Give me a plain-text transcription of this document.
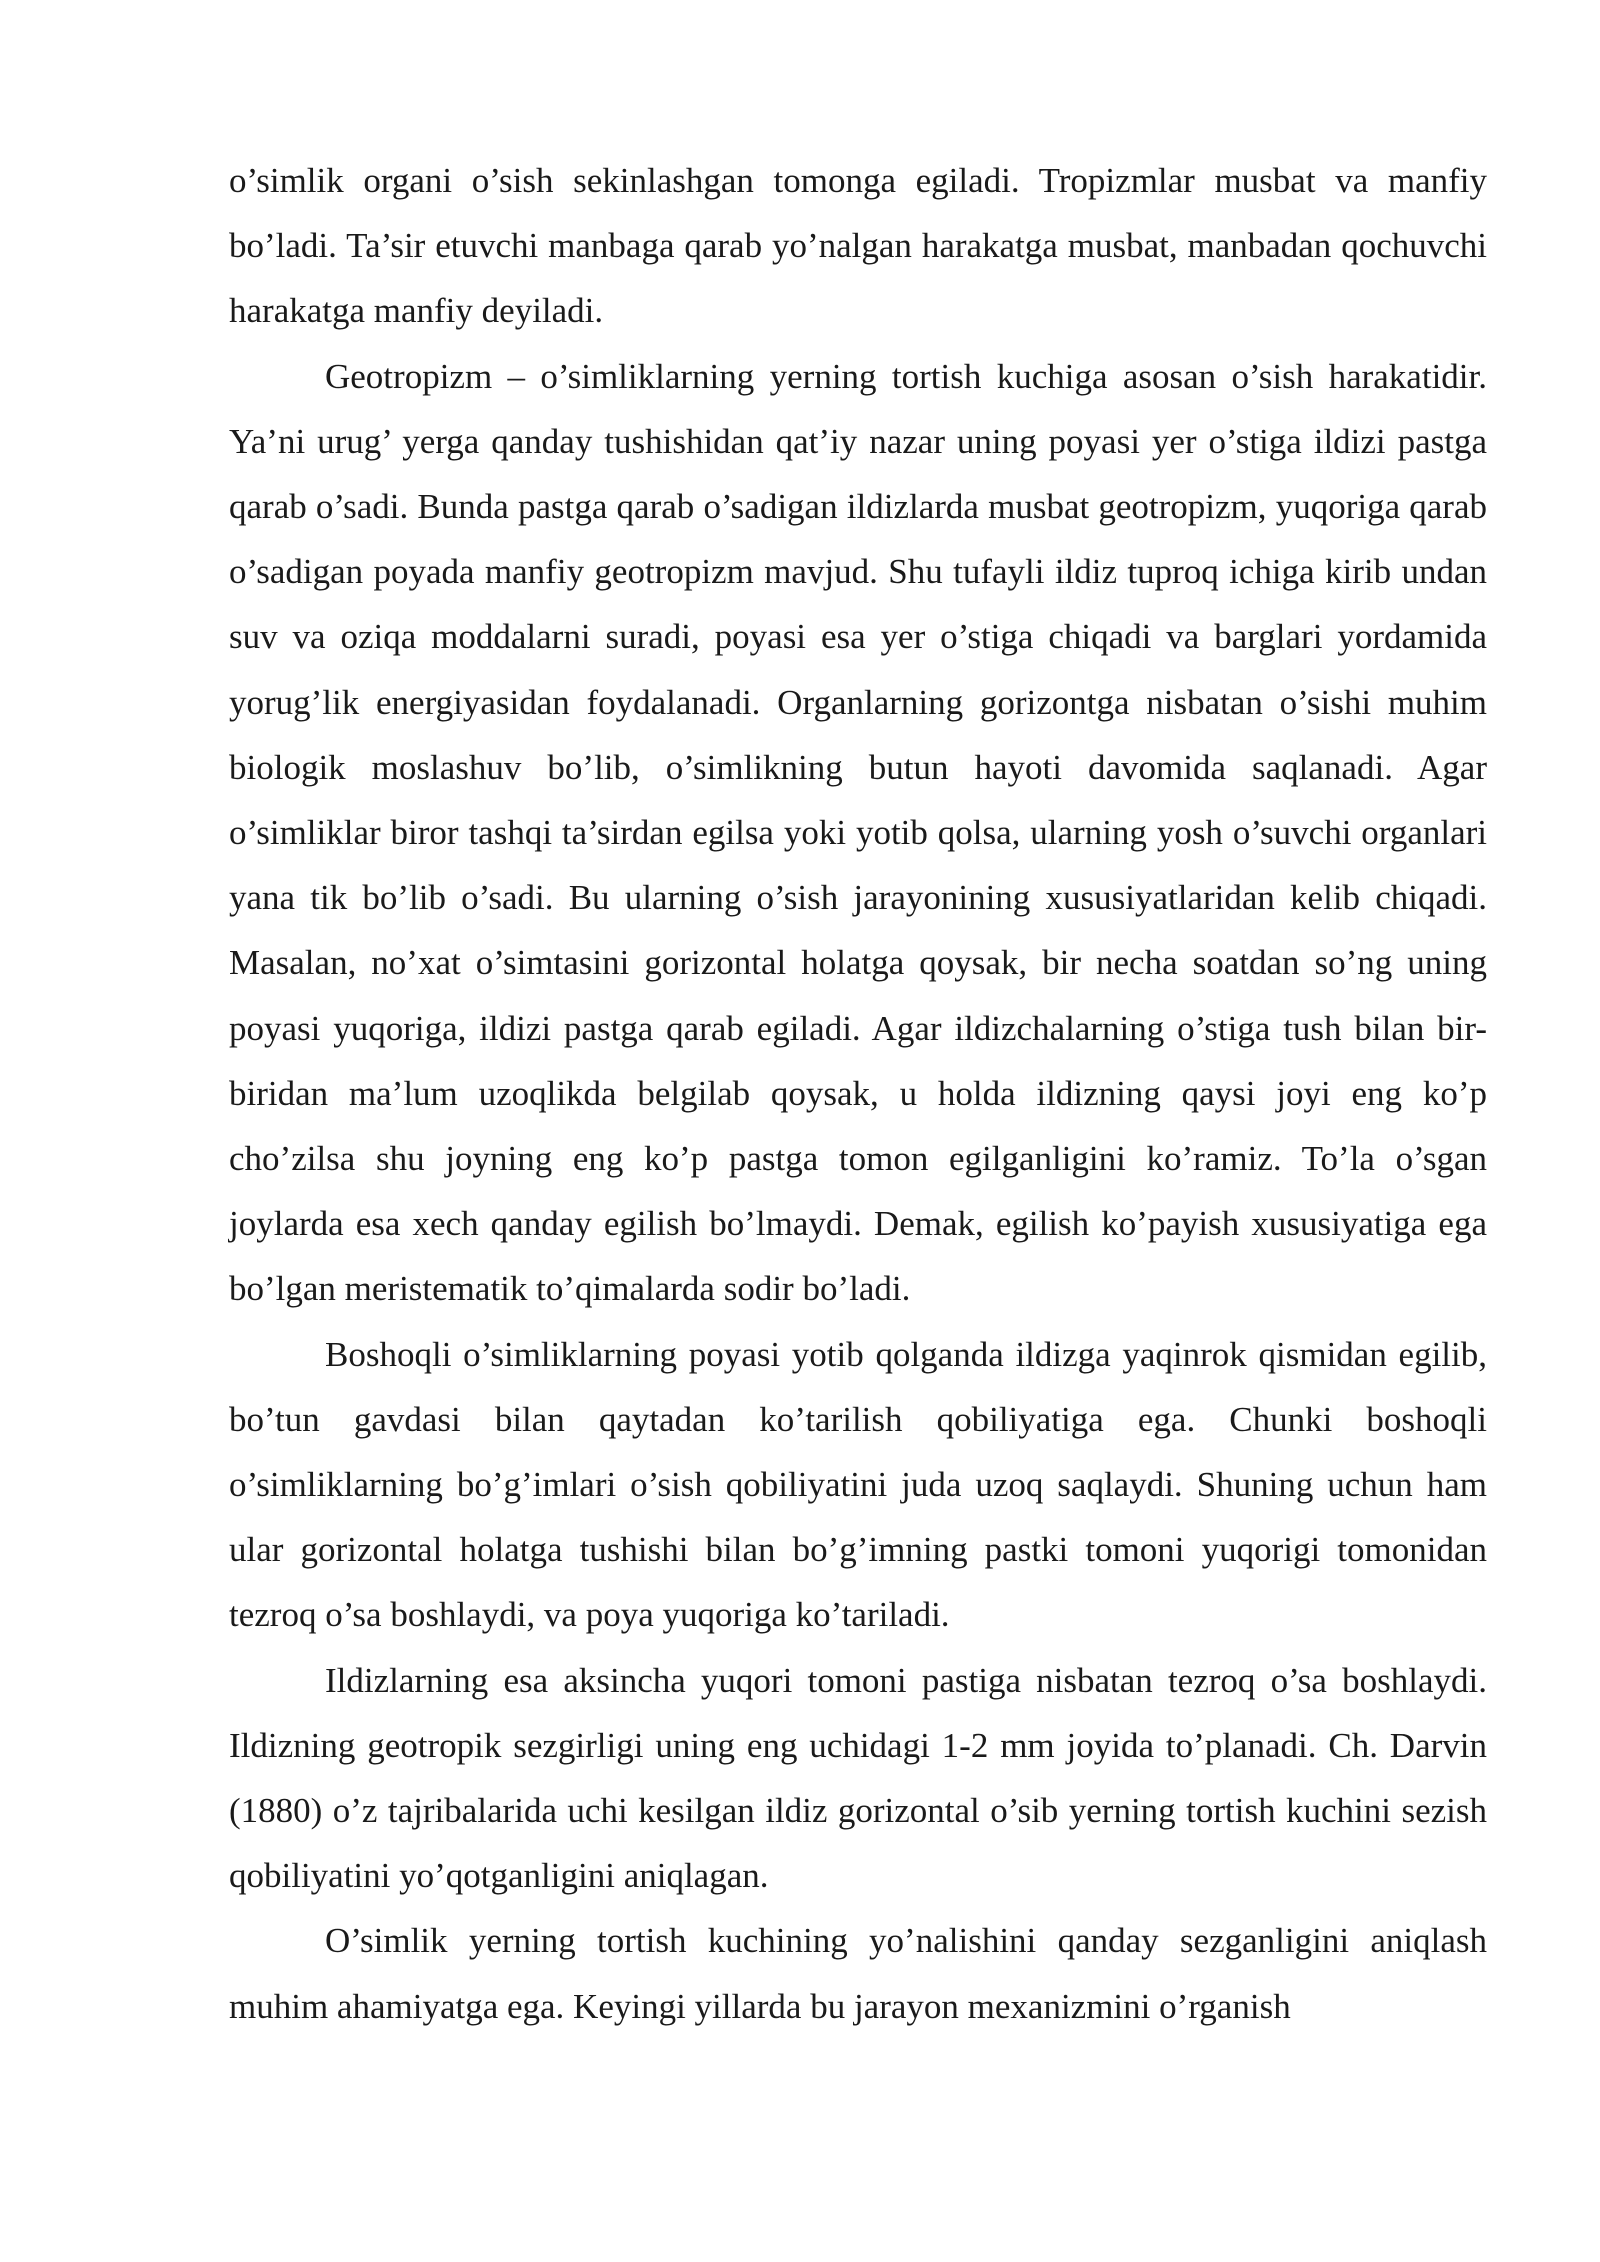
o’simlik organi o’sish sekinlashgan tomonga egiladi. Tropizmlar musbat va manfiy bo’ladi. Ta’sir etuvchi manbaga qarab yo’nalgan harakatga musbat, manbadan qochuvchi harakatga manfiy deyiladi.

Geotropizm – o’simliklarning yerning tortish kuchiga asosan o’sish harakatidir. Ya’ni urug’ yerga qanday tushishidan qat’iy nazar uning poyasi yer o’stiga ildizi pastga qarab o’sadi. Bunda pastga qarab o’sadigan ildizlarda musbat geotropizm, yuqoriga qarab o’sadigan poyada manfiy geotropizm mavjud. Shu tufayli ildiz tuproq ichiga kirib undan suv va oziqa moddalarni suradi, poyasi esa yer o’stiga chiqadi va barglari yordamida yorug’lik energiyasidan foydalanadi. Organlarning gorizontga nisbatan o’sishi muhim biologik moslashuv bo’lib, o’simlikning butun hayoti davomida saqlanadi. Agar o’simliklar biror tashqi ta’sirdan egilsa yoki yotib qolsa, ularning yosh o’suvchi organlari yana tik bo’lib o’sadi. Bu ularning o’sish jarayonining xususiyatlaridan kelib chiqadi. Masalan, no’xat o’simtasini gorizontal holatga qoysak, bir necha soatdan so’ng uning poyasi yuqoriga, ildizi pastga qarab egiladi. Agar ildizchalarning o’stiga tush bilan bir-biridan ma’lum uzoqlikda belgilab qoysak, u holda ildizning qaysi joyi eng ko’p cho’zilsa shu joyning eng ko’p pastga tomon egilganligini ko’ramiz. To’la o’sgan joylarda esa xech qanday egilish bo’lmaydi. Demak, egilish ko’payish xususiyatiga ega bo’lgan meristematik to’qimalarda sodir bo’ladi.

Boshoqli o’simliklarning poyasi yotib qolganda ildizga yaqinrok qismidan egilib, bo’tun gavdasi bilan qaytadan ko’tarilish qobiliyatiga ega. Chunki boshoqli o’simliklarning bo’g’imlari o’sish qobiliyatini juda uzoq saqlaydi. Shuning uchun ham ular gorizontal holatga tushishi bilan bo’g’imning pastki tomoni yuqorigi tomonidan tezroq o’sa boshlaydi, va poya yuqoriga ko’tariladi.

Ildizlarning esa aksincha yuqori tomoni pastiga nisbatan tezroq o’sa boshlaydi. Ildizning geotropik sezgirligi uning eng uchidagi 1-2 mm joyida to’planadi. Ch. Darvin (1880) o’z tajribalarida uchi kesilgan ildiz gorizontal o’sib yerning tortish kuchini sezish qobiliyatini yo’qotganligini aniqlagan.

O’simlik yerning tortish kuchining yo’nalishini qanday sezganligini aniqlash muhim ahamiyatga ega. Keyingi yillarda bu jarayon mexanizmini o’rganish
